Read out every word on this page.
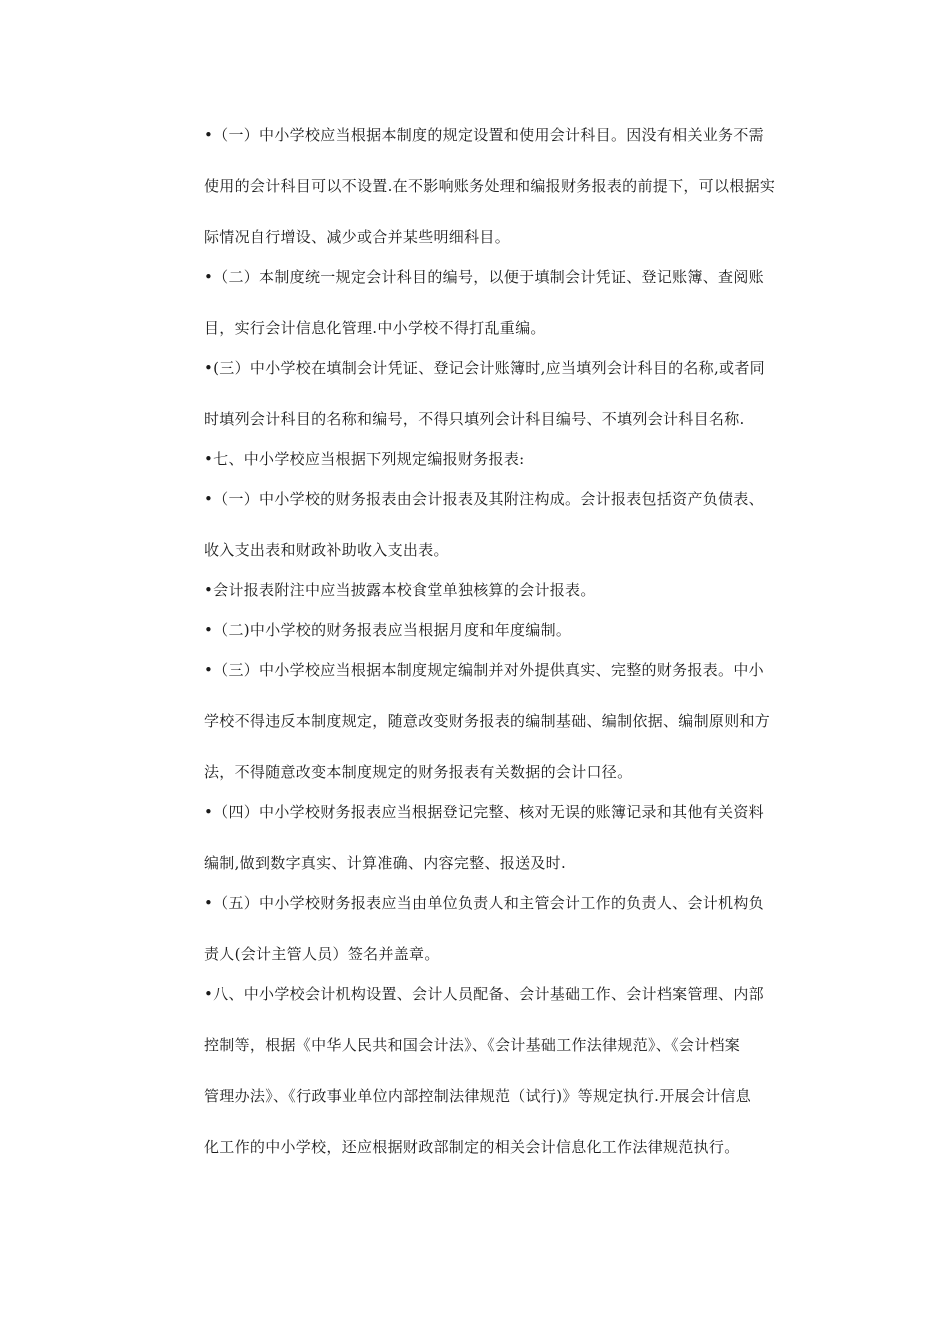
•（一）中小学校应当根据本制度的规定设置和使用会计科目。因没有相关业务不需
使用的会计科目可以不设置.在不影响账务处理和编报财务报表的前提下，可以根据实
际情况自行增设、减少或合并某些明细科目。
•（二）本制度统一规定会计科目的编号，以便于填制会计凭证、登记账簿、查阅账
目，实行会计信息化管理.中小学校不得打乱重编。
•(三）中小学校在填制会计凭证、登记会计账簿时,应当填列会计科目的名称,或者同
时填列会计科目的名称和编号，不得只填列会计科目编号、不填列会计科目名称.
•七、中小学校应当根据下列规定编报财务报表:
•（一）中小学校的财务报表由会计报表及其附注构成。会计报表包括资产负债表、
收入支出表和财政补助收入支出表。
•会计报表附注中应当披露本校食堂单独核算的会计报表。
•（二)中小学校的财务报表应当根据月度和年度编制。
•（三）中小学校应当根据本制度规定编制并对外提供真实、完整的财务报表。中小
学校不得违反本制度规定，随意改变财务报表的编制基础、编制依据、编制原则和方
法，不得随意改变本制度规定的财务报表有关数据的会计口径。
•（四）中小学校财务报表应当根据登记完整、核对无误的账簿记录和其他有关资料
编制,做到数字真实、计算准确、内容完整、报送及时.
•（五）中小学校财务报表应当由单位负责人和主管会计工作的负责人、会计机构负
责人(会计主管人员）签名并盖章。
•八、中小学校会计机构设置、会计人员配备、会计基础工作、会计档案管理、内部
控制等，根据《中华人民共和国会计法》、《会计基础工作法律规范》、《会计档案
管理办法》、《行政事业单位内部控制法律规范（试行)》等规定执行.开展会计信息
化工作的中小学校，还应根据财政部制定的相关会计信息化工作法律规范执行。
